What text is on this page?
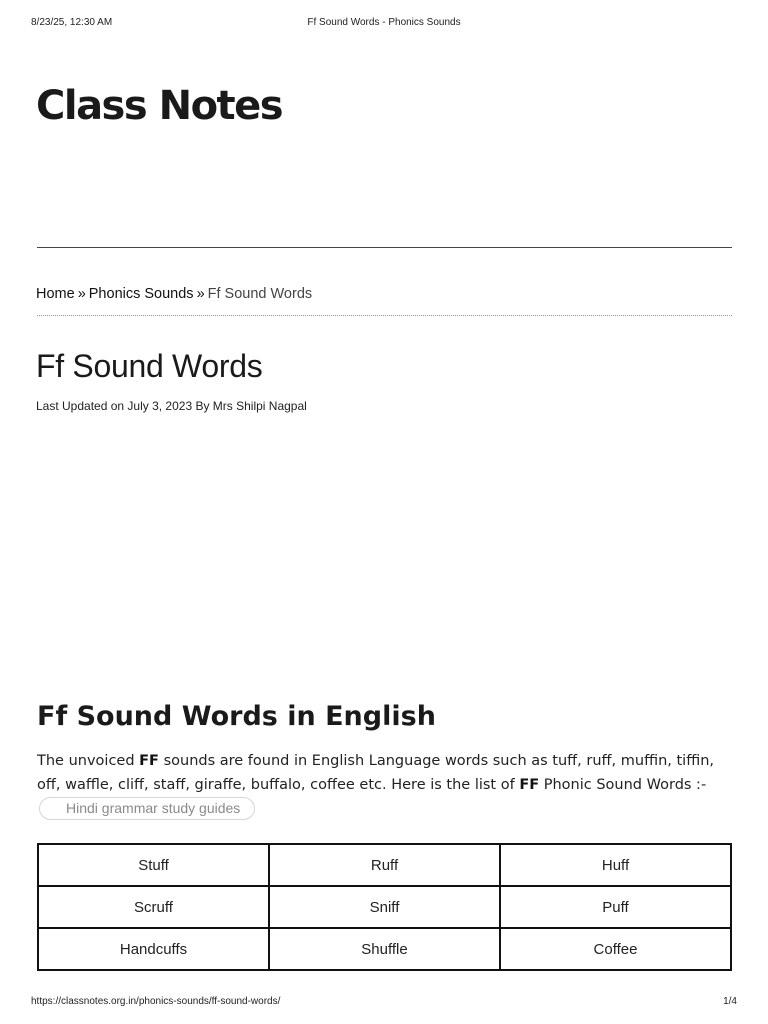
8/23/25, 12:30 AM	Ff Sound Words - Phonics Sounds
Class Notes
Home » Phonics Sounds » Ff Sound Words
Ff Sound Words
Last Updated on July 3, 2023 By Mrs Shilpi Nagpal
Ff Sound Words in English

The unvoiced FF sounds are found in English Language words such as tuff, ruff, muffin, tiffin, off, waffle, cliff, staff, giraffe, buffalo, coffee etc. Here is the list of FF Phonic Sound Words :-Hindi grammar study guides

Stuff	Ruff	Huff
Scruff	Sniff	Puff
Handcuffs	Shuffle	Coffee
https://classnotes.org.in/phonics-sounds/ff-sound-words/	1/4
